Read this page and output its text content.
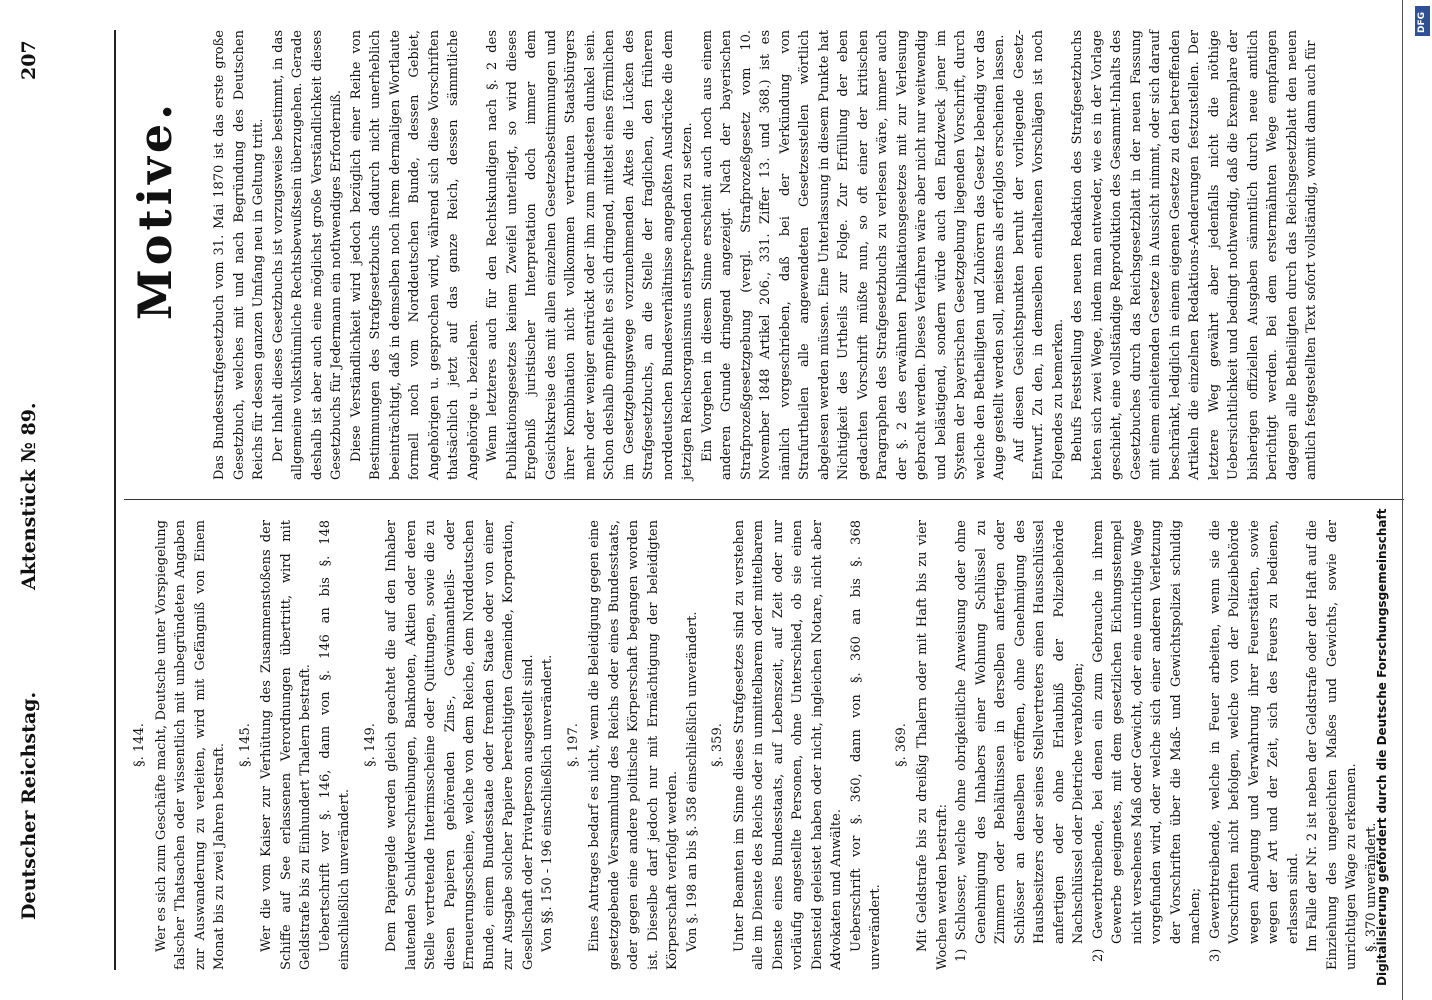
Deutscher Reichstag.
Aktenstück № 89.
207
§. 144. Wer es sich zum Geschäfte macht, Deutsche unter Vorspiegelung falscher Thatsachen oder wissentlich mit unbegründeten Angaben zur Auswanderung zu verleiten, wird mit Gefängniß von Einem Monat bis zu zwei Jahren bestraft. §. 145. Wer die vom Kaiser zur Verhütung des Zusammenstoßens der Schiffe auf See erlassenen Verordnungen übertritt, wird mit Geldstrafe bis zu Einhundert Thalern bestraft. Uebertschrift vor §. 146, dann von §. 146 an bis §. 148 einschließlich unverändert.

§. 149. Dem Papiergelde werden gleich geachtet die auf den Inhaber lautenden Schuldverschreibungen, Banknoten, Aktien oder deren Stelle vertretende Interimsscheine oder Quittungen, sowie die zu diesen Papieren gehörenden Zins-, Gewinnantheils- oder Erneuerungsscheine, welche von dem Reiche, dem Norddeutschen Bunde, einem Bundesstaate oder fremden Staate oder von einer zur Ausgabe solcher Papiere berechtigten Gemeinde, Korporation, Gesellschaft oder Privatperson ausgestellt sind. Von §§. 150 - 196 einschließlich unverändert. §. 197. Eines Antrages bedarf es nicht, wenn die Beleidigung gegen eine gesetzgebende Versammlung des Reichs oder eines Bundesstaats, oder gegen eine andere politische Körperschaft begangen worden ist. Dieselbe darf jedoch nur mit Ermächtigung der beleidigten Körperschaft verfolgt werden. Von §. 198 an bis §. 358 einschließlich unverändert. §. 359. Unter Beamten im Sinne dieses Strafgesetzes sind zu verstehen alle im Dienste des Reichs oder in unmittelbarem oder mittelbarem Dienste eines Bundesstaats, auf Lebenszeit, auf Zeit oder nur vorläufig angestellte Personen, ohne Unterschied, ob sie einen Diensteid geleistet haben oder nicht, ingleichen Notare, nicht aber Advokaten und Anwälte. Ueberschrift vor §. 360, dann von §. 360 an bis §. 368 unverändert.

§. 369. Mit Geldstrafe bis zu dreißig Thalern oder mit Haft bis zu vier Wochen werden bestraft: 1) Schlosser, welche ohne obrigkeitliche Anweisung oder ohne Genehmigung des Inhabers einer Wohnung Schlüssel zu Zimmern oder Behältnissen in derselben anfertigen oder Schlösser an denselben eröffnen, ohne Genehmigung des Hausbesitzers oder seines Stellvertreters einen Hausschlüssel anfertigen oder ohne Erlaubniß der Polizeibehörde Nachschlüssel oder Dietriche verabfolgen; 2) Gewerbtreibende, bei denen ein zum Gebrauche in ihrem Gewerbe geeignetes, mit dem gesetzlichen Eichungsstempel nicht versehenes Maß oder Gewicht, oder eine unrichtige Wage vorgefunden wird, oder welche sich einer anderen Verletzung der Vorschriften über die Maß- und Gewichtspolizei schuldig machen; 3) Gewerbtreibende, welche in Feuer arbeiten, wenn sie die Vorschriften nicht befolgen, welche von der Polizeibehörde wegen Anlegung und Verwahrung ihrer Feuerstätten, sowie wegen der Art und der Zeit, sich des Feuers zu bedienen, erlassen sind. Im Falle der Nr. 2 ist neben der Geldstrafe oder der Haft auf die Einziehung des ungeeichten Maßes und Gewichts, sowie der unrichtigen Wage zu erkennen. §. 370 unverändert.

Motive. Das Bundesstrafgesetzbuch vom 31. Mai 1870 ist das erste große Gesetzbuch, welches mit und nach Begründung des Deutschen Reichs für dessen ganzen Umfang neu in Geltung tritt. Der Inhalt dieses Gesetzbuchs ist vorzugsweise bestimmt, in das allgemeine volksthümliche Rechtsbewußtsein überzugehen. Gerade deshalb ist aber auch eine möglichst große Verständlichkeit dieses Gesetzbuchs für Jedermann ein nothwendiges Erforderniß. Diese Verständlichkeit wird jedoch bezüglich einer Reihe von Bestimmungen des Strafgesetzbuchs dadurch nicht unerheblich beeinträchtigt, daß in demselben noch ihrem dermaligen Wortlaute formell noch vom Norddeutschen Bunde, dessen Gebiet, Angehörigen u. gesprochen wird, während sich diese Vorschriften thatsächlich jetzt auf das ganze Reich, dessen sämmtliche Angehörige u. beziehen. Wenn letzteres auch für den Rechtskundigen nach §. 2 des Publikationsgesetzes keinem Zweifel unterliegt, so wird dieses Ergebniß juristischer Interpretation doch immer dem Gesichtskreise des mit allen einzelnen Gesetzesbestimmungen und ihrer Kombination nicht vollkommen vertrauten Staatsbürgers mehr oder weniger entrückt oder ihm zum mindesten dunkel sein. Schon deshalb empfiehlt es sich dringend, mittelst eines förmlichen im Gesetzgebungswege vorzunehmenden Aktes die Lücken des Strafgesetzbuchs, an die Stelle der fraglichen, den früheren norddeutschen Bundesverhältnisse angepaßten Ausdrücke die dem jetzigen Reichsorganismus entsprechenden zu setzen. Ein Vorgehen in diesem Sinne erscheint auch noch aus einem anderen Grunde dringend angezeigt. Nach der bayerischen Strafprozeßgesetzgebung (vergl. Strafprozeßgesetz vom 10. November 1848 Artikel 206., 331. Ziffer 13. und 368.) ist es nämlich vorgeschrieben, daß bei der Verkündung von Strafurtheilen alle angewendeten Gesetzesstellen wörtlich abgelesen werden müssen. Eine Unterlassung in diesem Punkte hat Nichtigkeit des Urtheils zur Folge. Zur Erfüllung der eben gedachten Vorschrift müßte nun, so oft einer der kritischen Paragraphen des Strafgesetzbuchs zu verlesen wäre, immer auch der §. 2 des erwähnten Publikationsgesetzes mit zur Verlesung gebracht werden. Dieses Verfahren wäre aber nicht nur weitwendig und belästigend, sondern würde auch den Endzweck jener im System der bayerischen Gesetzgebung liegenden Vorschrift, durch welche den Betheiligten und Zuhörern das Gesetz lebendig vor das Auge gestellt werden soll, meistens als erfolglos erscheinen lassen. Auf diesen Gesichtspunkten beruht der vorliegende Gesetz-Entwurf. Zu den, in demselben enthaltenen Vorschlägen ist noch Folgendes zu bemerken. Behufs Feststellung des neuen Redaktion des Strafgesetzbuchs bieten sich zwei Wege, indem man entweder, wie es in der Vorlage geschieht, eine vollständige Reproduktion des Gesammt-Inhalts des Gesetzbuches durch das Reichsgesetzblatt in der neuen Fassung mit einem einleitenden Gesetze in Aussicht nimmt, oder sich darauf beschränkt, lediglich in einem eigenen Gesetze zu den betreffenden Artikeln die einzelnen Redaktions-Aenderungen festzustellen. Der letztere Weg gewährt aber jedenfalls nicht die nöthige Uebersichtlichkeit und bedingt nothwendig, daß die Exemplare der bisherigen offiziellen Ausgaben sämmtlich durch neue amtlich berichtigt werden. Bei dem erstermähnten Wege empfangen dagegen alle Betheiligten durch das Reichsgesetzblatt den neuen amtlich festgestellten Text sofort vollständig, womit dann auch für

Digitalisierung gefördert durch die Deutsche Forschungsgemeinschaft
DFG
